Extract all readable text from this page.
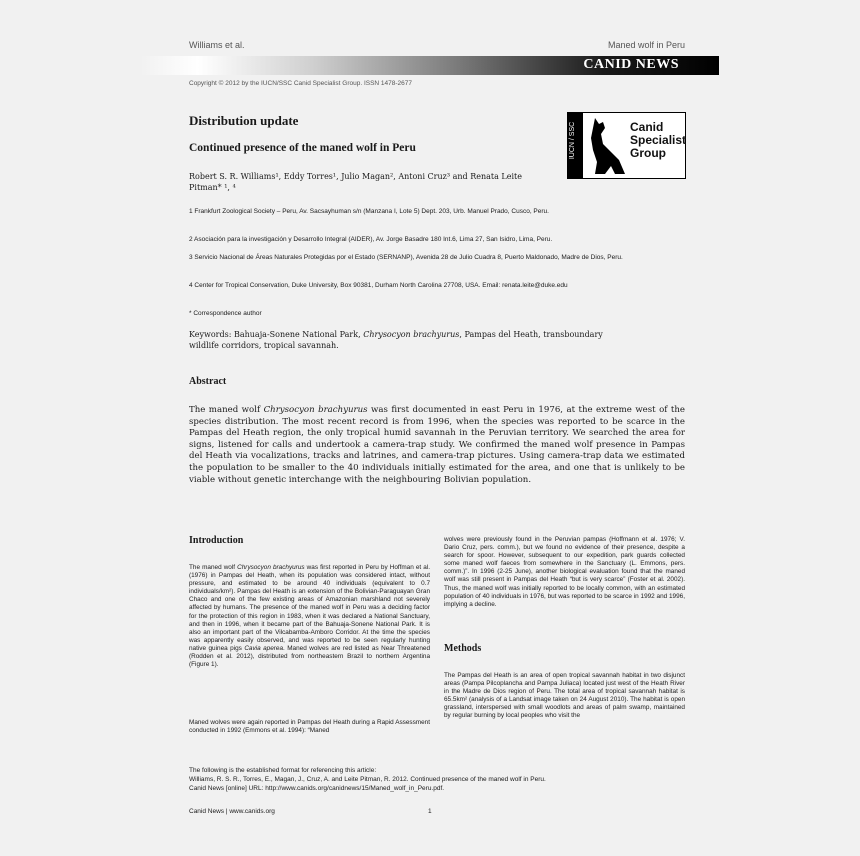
Williams et al.	Maned wolf in Peru
CANID NEWS
Copyright © 2012 by the IUCN/SSC Canid Specialist Group. ISSN 1478-2677
Distribution update
Continued presence of the maned wolf in Peru	IUCN / SSC	Canid
Specialist
Group
Robert S. R. Williams¹, Eddy Torres¹, Julio Magan², Antoni Cruz³ and Renata Leite
Pitman* ¹, ⁴
1 Frankfurt Zoological Society – Peru, Av. Sacsayhuman s/n (Manzana I, Lote 5) Dept. 203, Urb. Manuel Prado, Cusco, Peru.
2 Asociación para la investigación y Desarrollo Integral (AIDER), Av. Jorge Basadre 180 Int.6, Lima 27, San Isidro, Lima, Peru.
3 Servicio Nacional de Áreas Naturales Protegidas por el Estado (SERNANP), Avenida 28 de Julio Cuadra 8, Puerto Maldonado, Madre de Dios, Peru.
4 Center for Tropical Conservation, Duke University, Box 90381, Durham North Carolina 27708, USA. Email: renata.leite@duke.edu
* Correspondence author
Keywords: Bahuaja-Sonene National Park, Chrysocyon brachyurus, Pampas del Heath, transboundary wildlife corridors, tropical savannah.
Abstract
The maned wolf Chrysocyon brachyurus was first documented in east Peru in 1976, at the extreme west of the species distribution. The most recent record is from 1996, when the species was reported to be scarce in the Pampas del Heath region, the only tropical humid savannah in the Peruvian territory. We searched the area for signs, listened for calls and undertook a camera-trap study. We confirmed the maned wolf presence in Pampas del Heath via vocalizations, tracks and latrines, and camera-trap pictures. Using camera-trap data we estimated the population to be smaller to the 40 individuals initially estimated for the area, and one that is unlikely to be viable without genetic interchange with the neighbouring Bolivian population.
Introduction
The maned wolf Chrysocyon brachyurus was first reported in Peru by Hoffman et al. (1976) in Pampas del Heath, when its population was considered intact, without pressure, and estimated to be around 40 individuals (equivalent to 0.7 individuals/km²). Pampas del Heath is an extension of the Bolivian-Paraguayan Gran Chaco and one of the few existing areas of Amazonian marshland not severely affected by humans. The presence of the maned wolf in Peru was a deciding factor for the protection of this region in 1983, when it was declared a National Sanctuary, and then in 1996, when it became part of the Bahuaja-Sonene National Park. It is also an important part of the Vilcabamba-Amboro Corridor. At the time the species was apparently easily observed, and was reported to be seen regularly hunting native guinea pigs Cavia aperea. Maned wolves are red listed as Near Threatened (Rodden et al. 2012), distributed from northeastern Brazil to northern Argentina (Figure 1).
Maned wolves were again reported in Pampas del Heath during a Rapid Assessment conducted in 1992 (Emmons et al. 1994): “Maned
wolves were previously found in the Peruvian pampas (Hoffmann et al. 1976; V. Dario Cruz, pers. comm.), but we found no evidence of their presence, despite a search for spoor. However, subsequent to our expedition, park guards collected some maned wolf faeces from somewhere in the Sanctuary (L. Emmons, pers. comm.)”. In 1996 (2-25 June), another biological evaluation found that the maned wolf was still present in Pampas del Heath “but is very scarce” (Foster et al. 2002). Thus, the maned wolf was initially reported to be locally common, with an estimated population of 40 individuals in 1976, but was reported to be scarce in 1992 and 1996, implying a decline.
Methods
The Pampas del Heath is an area of open tropical savannah habitat in two disjunct areas (Pampa Pilcoplancha and Pampa Juliaca) located just west of the Heath River in the Madre de Dios region of Peru. The total area of tropical savannah habitat is 65.5km² (analysis of a Landsat image taken on 24 August 2010). The habitat is open grassland, interspersed with small woodlots and areas of palm swamp, maintained by regular burning by local peoples who visit the
The following is the established format for referencing this article:
Williams, R. S. R., Torres, E., Magan, J., Cruz, A. and Leite Pitman, R. 2012. Continued presence of the maned wolf in Peru.
Canid News [online] URL: http://www.canids.org/canidnews/15/Maned_wolf_in_Peru.pdf.
Canid News | www.canids.org	1
